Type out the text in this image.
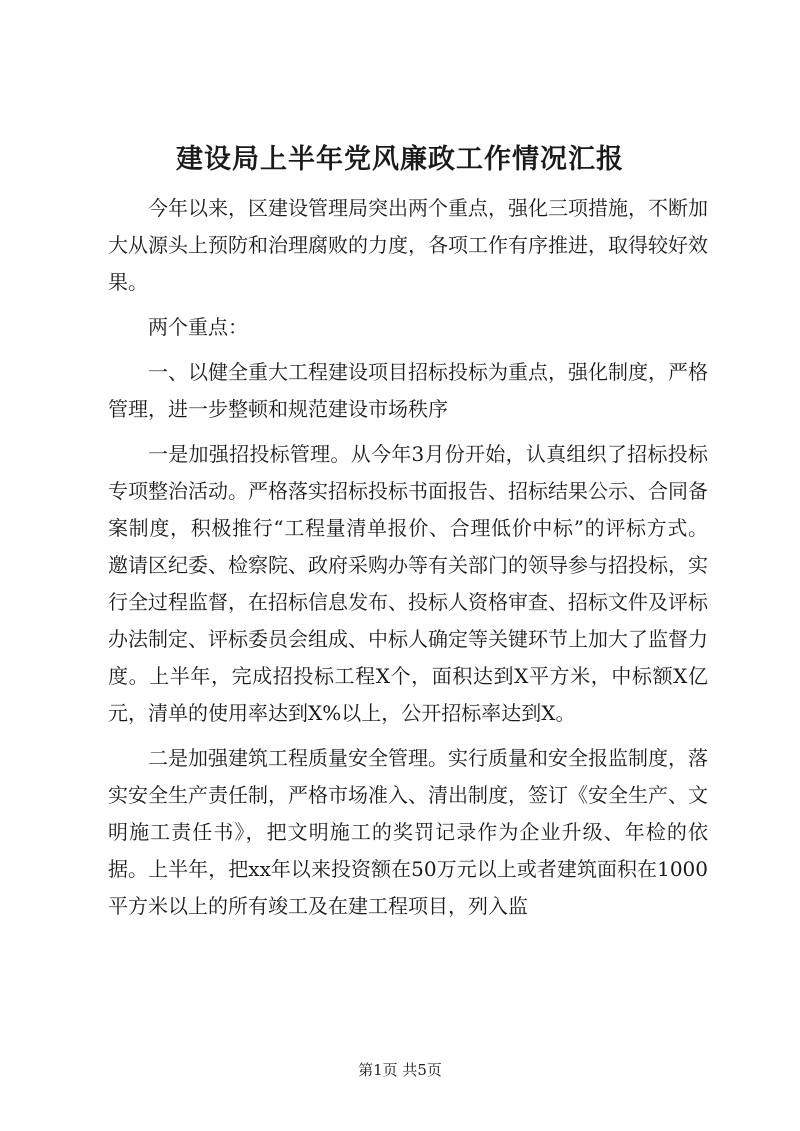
建设局上半年党风廉政工作情况汇报

今年以来，区建设管理局突出两个重点，强化三项措施，不断加大从源头上预防和治理腐败的力度，各项工作有序推进，取得较好效果。

两个重点：

一、以健全重大工程建设项目招标投标为重点，强化制度，严格管理，进一步整顿和规范建设市场秩序

一是加强招投标管理。从今年3月份开始，认真组织了招标投标专项整治活动。严格落实招标投标书面报告、招标结果公示、合同备案制度，积极推行“工程量清单报价、合理低价中标”的评标方式。邀请区纪委、检察院、政府采购办等有关部门的领导参与招投标，实行全过程监督，在招标信息发布、投标人资格审查、招标文件及评标办法制定、评标委员会组成、中标人确定等关键环节上加大了监督力度。上半年，完成招投标工程X个，面积达到X平方米，中标额X亿元，清单的使用率达到X%以上，公开招标率达到X。

二是加强建筑工程质量安全管理。实行质量和安全报监制度，落实安全生产责任制，严格市场准入、清出制度，签订《安全生产、文明施工责任书》，把文明施工的奖罚记录作为企业升级、年检的依据。上半年，把xx年以来投资额在50万元以上或者建筑面积在1000平方米以上的所有竣工及在建工程项目，列入监

第1页 共5页
